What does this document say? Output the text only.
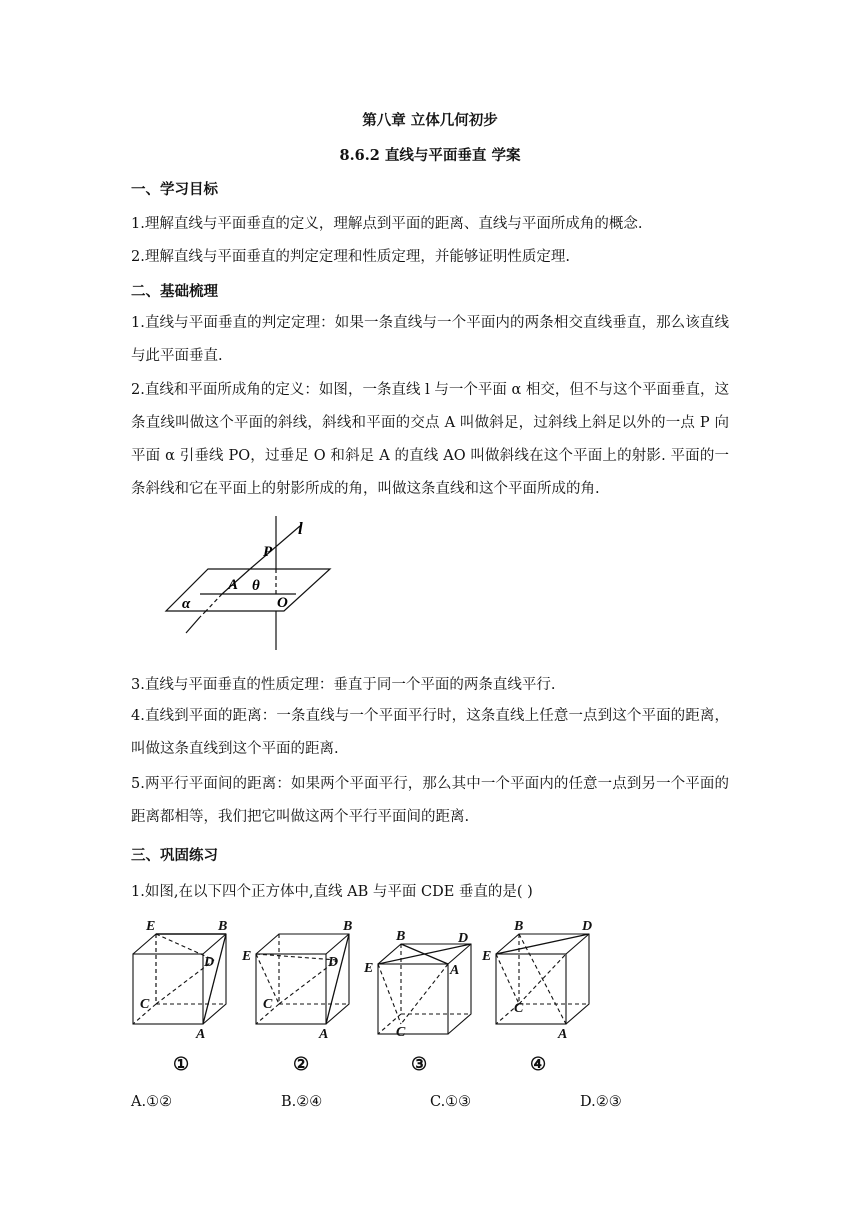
第八章 立体几何初步
8.6.2 直线与平面垂直 学案
一、学习目标
1.理解直线与平面垂直的定义，理解点到平面的距离、直线与平面所成角的概念.
2.理解直线与平面垂直的判定定理和性质定理，并能够证明性质定理.
二、基础梳理
1.直线与平面垂直的判定定理：如果一条直线与一个平面内的两条相交直线垂直，那么该直线与此平面垂直.
2.直线和平面所成角的定义：如图，一条直线 l 与一个平面 α 相交，但不与这个平面垂直，这条直线叫做这个平面的斜线，斜线和平面的交点 A 叫做斜足，过斜线上斜足以外的一点 P 向平面 α 引垂线 PO，过垂足 O 和斜足 A 的直线 AO 叫做斜线在这个平面上的射影. 平面的一条斜线和它在平面上的射影所成的角，叫做这条直线和这个平面所成的角.
l
P
A θ
O
α
3.直线与平面垂直的性质定理：垂直于同一个平面的两条直线平行.
4.直线到平面的距离：一条直线与一个平面平行时，这条直线上任意一点到这个平面的距离，叫做这条直线到这个平面的距离.
5.两平行平面间的距离：如果两个平面平行，那么其中一个平面内的任意一点到另一个平面的距离都相等，我们把它叫做这两个平行平面间的距离.
三、巩固练习
1.如图,在以下四个正方体中,直线 AB 与平面 CDE 垂直的是( )
E	B
D
C
A
①
E
B
D
C
A
②
B	D
E	A
C
③
B	D
E
C
A
④
A.①②	B.②④	C.①③	D.②③
